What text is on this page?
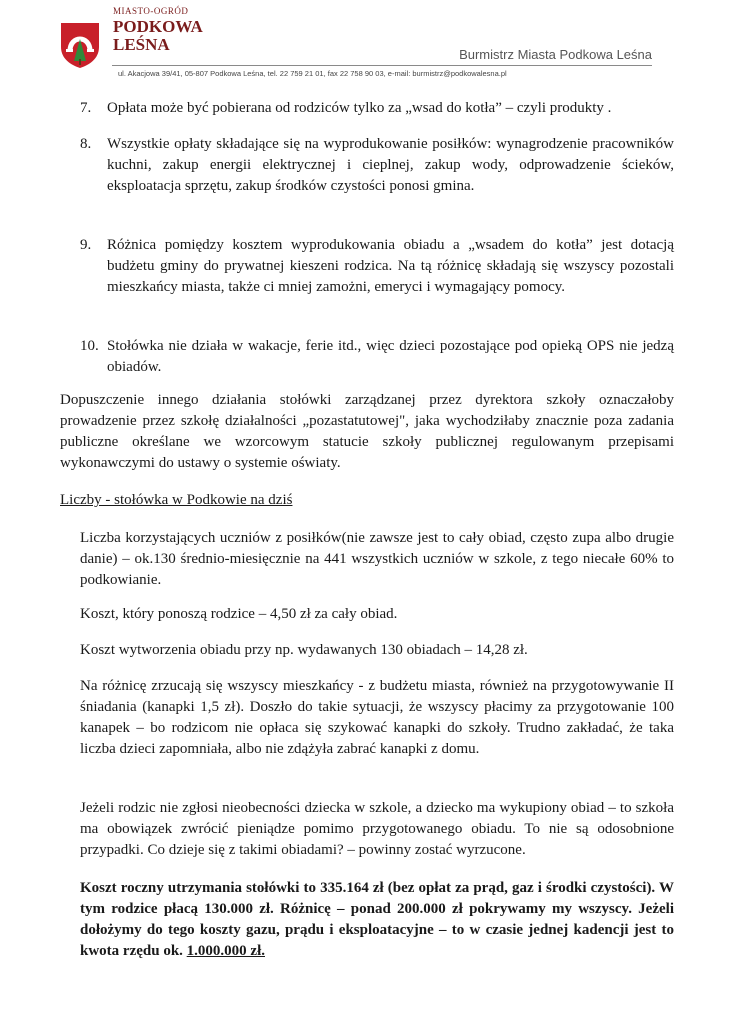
MIASTO-OGRÓD
PODKOWA
LEŚNA
Burmistrz Miasta Podkowa Leśna
ul. Akacjowa 39/41, 05-807 Podkowa Leśna, tel. 22 759 21 01, fax 22 758 90 03, e-mail: burmistrz@podkowalesna.pl
7. Opłata może być pobierana od rodziców tylko za „wsad do kotła” – czyli produkty .
8. Wszystkie opłaty składające się na wyprodukowanie posiłków: wynagrodzenie pracowników kuchni, zakup energii elektrycznej i cieplnej, zakup wody, odprowadzenie ścieków, eksploatacja sprzętu, zakup środków czystości ponosi gmina.
9. Różnica pomiędzy kosztem wyprodukowania obiadu a „wsadem do kotła” jest dotacją budżetu gminy do prywatnej kieszeni rodzica. Na tą różnicę składają się wszyscy pozostali mieszkańcy miasta, także ci mniej zamożni, emeryci i wymagający pomocy.
10. Stołówka nie działa w wakacje, ferie itd., więc dzieci pozostające pod opieką OPS nie jedzą obiadów.
Dopuszczenie innego działania stołówki zarządzanej przez dyrektora szkoły oznaczałoby prowadzenie przez szkołę działalności „pozastatutowej", jaka wychodziłaby znacznie poza zadania publiczne określane we wzorcowym statucie szkoły publicznej regulowanym przepisami wykonawczymi do ustawy o systemie oświaty.
Liczby - stołówka w Podkowie na dziś
Liczba korzystających uczniów z posiłków(nie zawsze jest to cały obiad, często zupa albo drugie danie) – ok.130 średnio-miesięcznie na 441 wszystkich uczniów w szkole, z tego niecałe 60% to podkowianie.
Koszt, który ponoszą rodzice – 4,50 zł za cały obiad.
Koszt wytworzenia obiadu przy np. wydawanych 130 obiadach – 14,28 zł.
Na różnicę zrzucają się wszyscy mieszkańcy - z budżetu miasta, również na przygotowywanie II śniadania (kanapki 1,5 zł). Doszło do takie sytuacji, że wszyscy płacimy za przygotowanie 100 kanapek – bo rodzicom nie opłaca się szykować kanapki do szkoły. Trudno zakładać, że taka liczba dzieci zapomniała, albo nie zdążyła zabrać kanapki z domu.
Jeżeli rodzic nie zgłosi nieobecności dziecka w szkole, a dziecko ma wykupiony obiad – to szkoła ma obowiązek zwrócić pieniądze pomimo przygotowanego obiadu. To nie są odosobnione przypadki. Co dzieje się z takimi obiadami? – powinny zostać wyrzucone.
Koszt roczny utrzymania stołówki to 335.164 zł (bez opłat za prąd, gaz i środki czystości). W tym rodzice płacą 130.000 zł. Różnicę – ponad 200.000 zł pokrywamy my wszyscy. Jeżeli dołożymy do tego koszty gazu, prądu i eksploatacyjne – to w czasie jednej kadencji jest to kwota rzędu ok. 1.000.000 zł.
